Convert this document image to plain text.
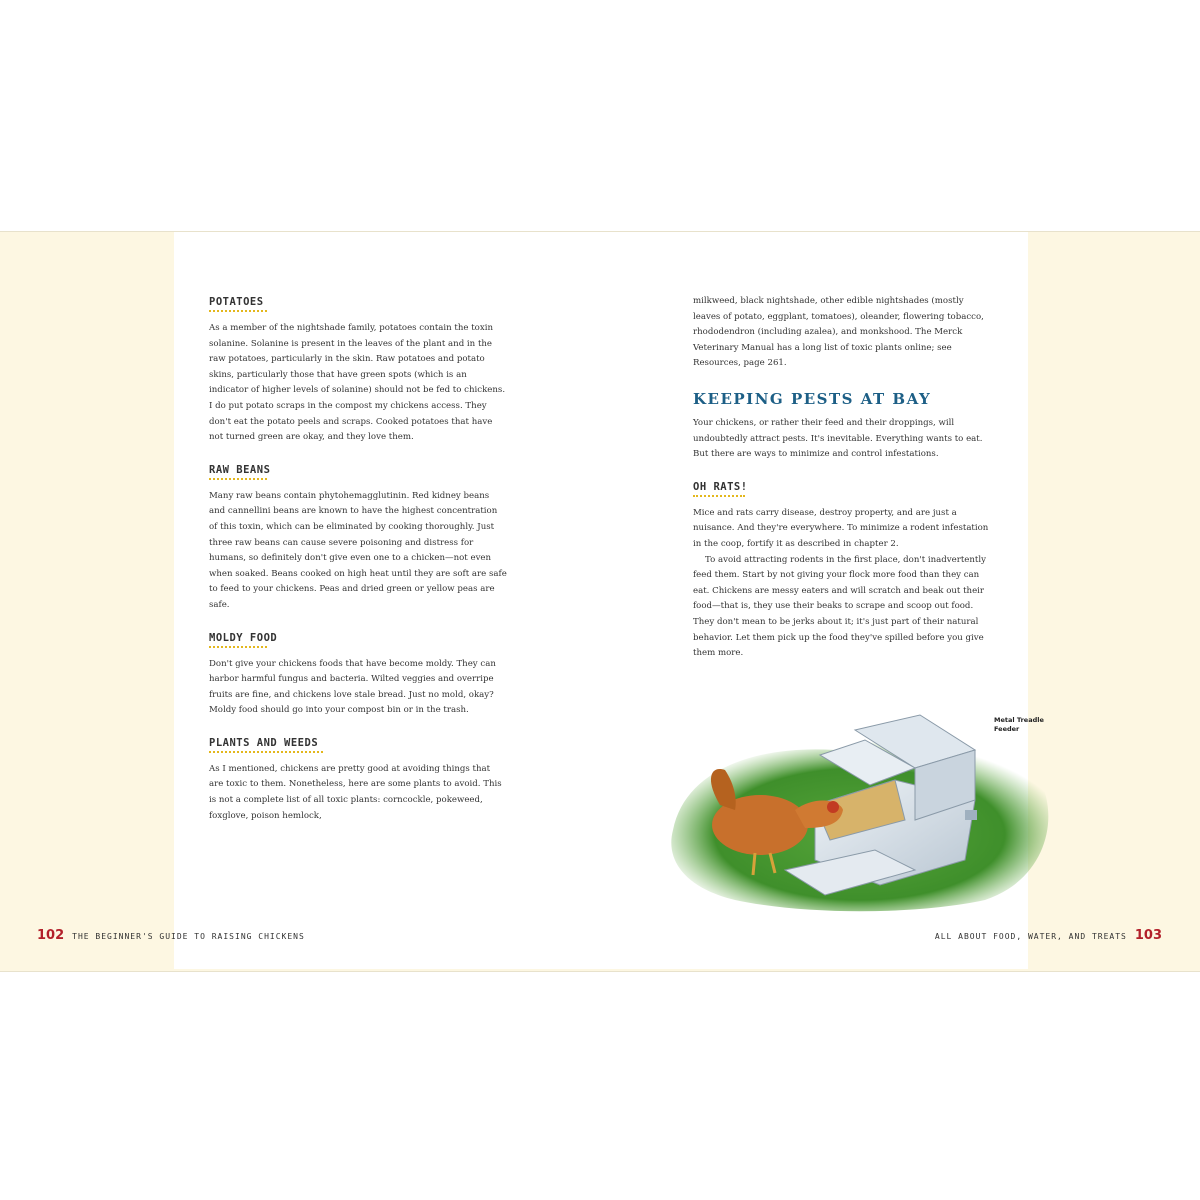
POTATOES

As a member of the nightshade family, potatoes contain the toxin solanine. Solanine is present in the leaves of the plant and in the raw potatoes, particularly in the skin. Raw potatoes and potato skins, particularly those that have green spots (which is an indicator of higher levels of solanine) should not be fed to chickens. I do put potato scraps in the compost my chickens access. They don't eat the potato peels and scraps. Cooked potatoes that have not turned green are okay, and they love them.

RAW BEANS

Many raw beans contain phytohemagglutinin. Red kidney beans and cannellini beans are known to have the highest concentration of this toxin, which can be eliminated by cooking thoroughly. Just three raw beans can cause severe poisoning and distress for humans, so definitely don't give even one to a chicken—not even when soaked. Beans cooked on high heat until they are soft are safe to feed to your chickens. Peas and dried green or yellow peas are safe.

MOLDY FOOD

Don't give your chickens foods that have become moldy. They can harbor harmful fungus and bacteria. Wilted veggies and overripe fruits are fine, and chickens love stale bread. Just no mold, okay? Moldy food should go into your compost bin or in the trash.

PLANTS AND WEEDS

As I mentioned, chickens are pretty good at avoiding things that are toxic to them. Nonetheless, here are some plants to avoid. This is not a complete list of all toxic plants: corncockle, pokeweed, foxglove, poison hemlock,

milkweed, black nightshade, other edible nightshades (mostly leaves of potato, eggplant, tomatoes), oleander, flowering tobacco, rhododendron (including azalea), and monkshood. The Merck Veterinary Manual has a long list of toxic plants online; see Resources, page 261.

KEEPING PESTS AT BAY

Your chickens, or rather their feed and their droppings, will undoubtedly attract pests. It's inevitable. Everything wants to eat. But there are ways to minimize and control infestations.

OH RATS!

Mice and rats carry disease, destroy property, and are just a nuisance. And they're everywhere. To minimize a rodent infestation in the coop, fortify it as described in chapter 2.

To avoid attracting rodents in the first place, don't inadvertently feed them. Start by not giving your flock more food than they can eat. Chickens are messy eaters and will scratch and beak out their food—that is, they use their beaks to scrape and scoop out food. They don't mean to be jerks about it; it's just part of their natural behavior. Let them pick up the food they've spilled before you give them more.

Metal Treadle Feeder
102 THE BEGINNER'S GUIDE TO RAISING CHICKENS	ALL ABOUT FOOD, WATER, AND TREATS 103
